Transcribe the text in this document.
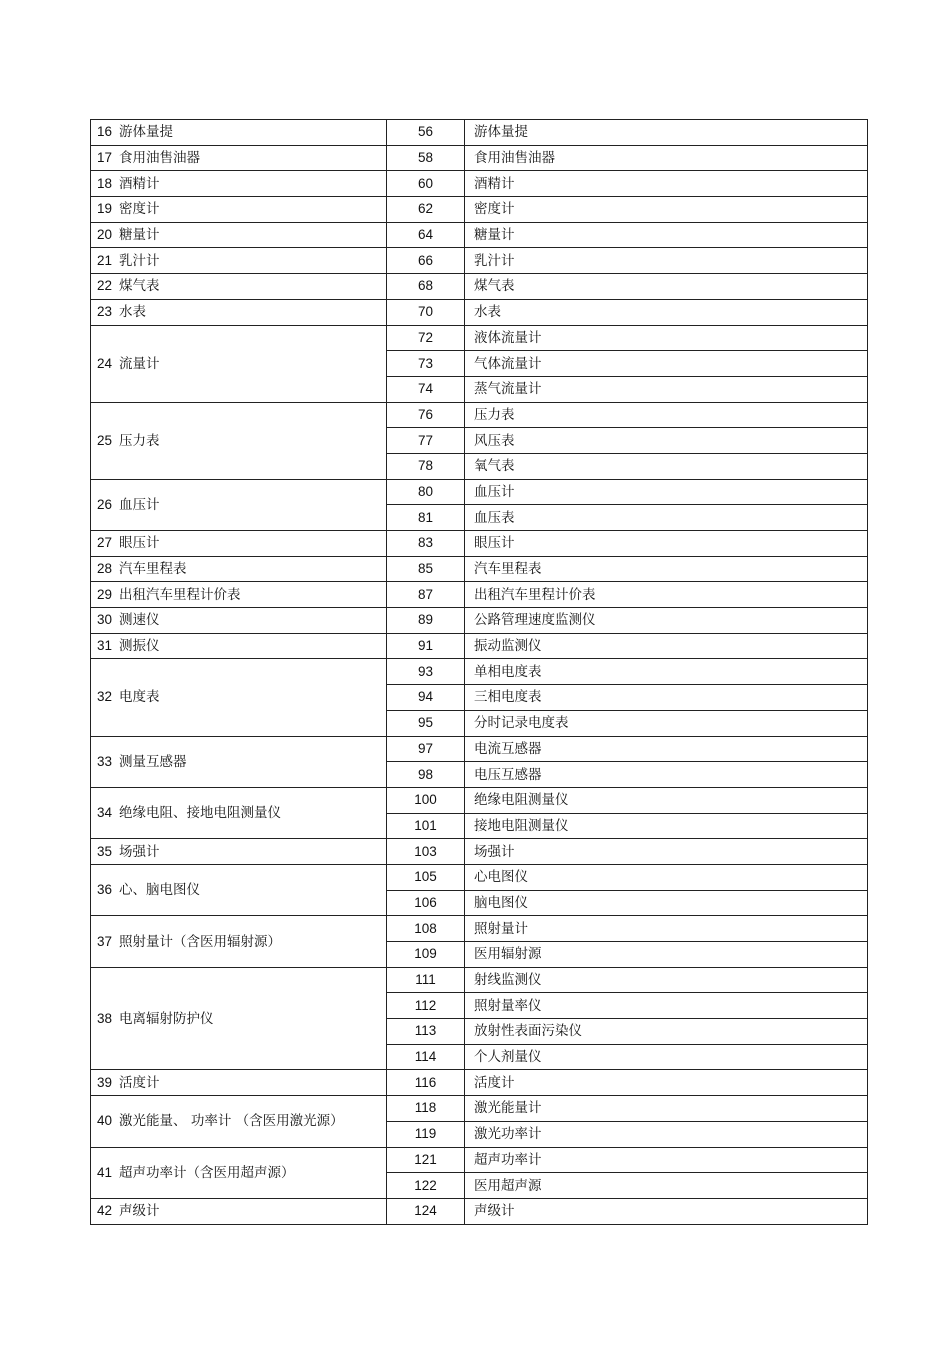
16 游体量提	56	游体量提
17 食用油售油器	58	食用油售油器
18 酒精计	60	酒精计
19 密度计	62	密度计
20 糖量计	64	糖量计
21 乳汁计	66	乳汁计
22 煤气表	68	煤气表
23 水表	70	水表
24 流量计	72	液体流量计
	73	气体流量计
	74	蒸气流量计
25 压力表	76	压力表
	77	风压表
	78	氧气表
26 血压计	80	血压计
	81	血压表
27 眼压计	83	眼压计
28 汽车里程表	85	汽车里程表
29 出租汽车里程计价表	87	出租汽车里程计价表
30 测速仪	89	公路管理速度监测仪
31 测振仪	91	振动监测仪
32 电度表	93	单相电度表
	94	三相电度表
	95	分时记录电度表
33 测量互感器	97	电流互感器
	98	电压互感器
34 绝缘电阻、接地电阻测量仪	100	绝缘电阻测量仪
	101	接地电阻测量仪
35 场强计	103	场强计
36 心、脑电图仪	105	心电图仪
	106	脑电图仪
37 照射量计（含医用辐射源）	108	照射量计
	109	医用辐射源
38 电离辐射防护仪	111	射线监测仪
	112	照射量率仪
	113	放射性表面污染仪
	114	个人剂量仪
39 活度计	116	活度计
40 激光能量、 功率计 （含医用激光源）	118	激光能量计
	119	激光功率计
41 超声功率计（含医用超声源）	121	超声功率计
	122	医用超声源
42 声级计	124	声级计
